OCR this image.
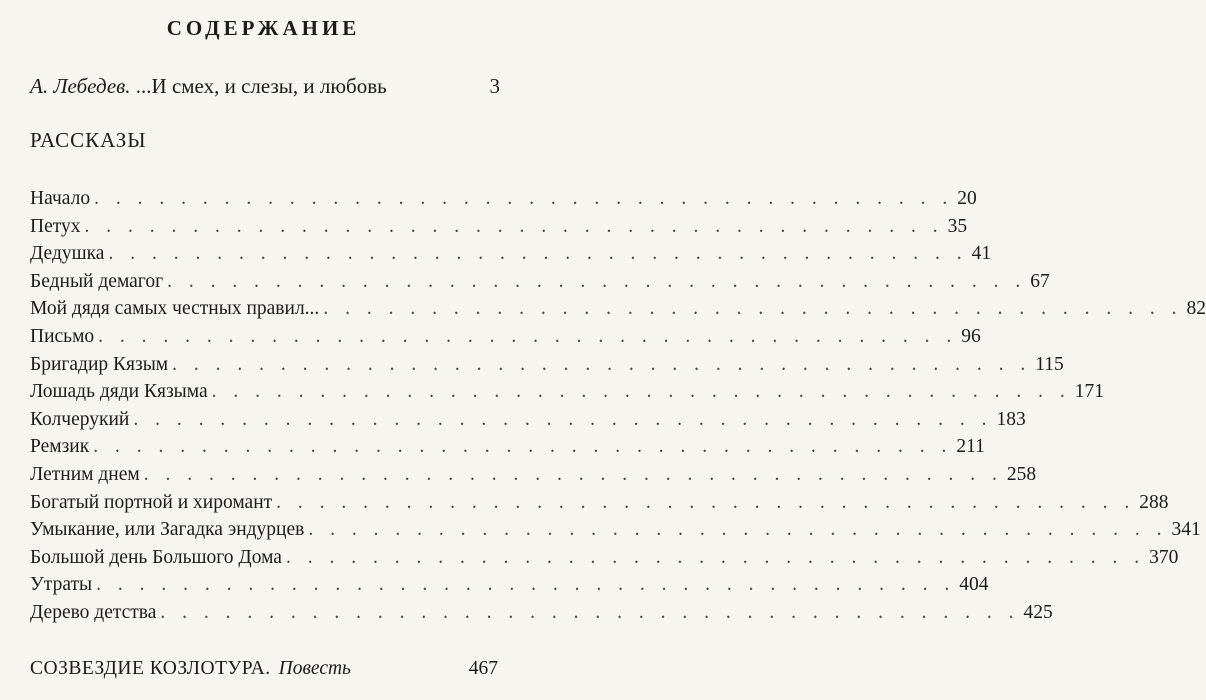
СОДЕРЖАНИЕ
А. Лебедев. ...И смех, и слезы, и любовь	3
РАССКАЗЫ
Начало . . . . . . . . . . . . . . . . . . . . . . . . . . . . . . . . . . . . . . . . 20
Петух . . . . . . . . . . . . . . . . . . . . . . . . . . . . . . . . . . . . . . . . 35
Дедушка . . . . . . . . . . . . . . . . . . . . . . . . . . . . . . . . . . . . . . . . 41
Бедный демагог . . . . . . . . . . . . . . . . . . . . . . . . . . . . . . . . . . . . . . . . 67
Мой дядя самых честных правил... . . . . . . . . . . . . . . . . . . . . . . . . . . . . . . . . . . . . . . . . 82
Письмо . . . . . . . . . . . . . . . . . . . . . . . . . . . . . . . . . . . . . . . . 96
Бригадир Кязым . . . . . . . . . . . . . . . . . . . . . . . . . . . . . . . . . . . . . . . . 115
Лошадь дяди Кязыма . . . . . . . . . . . . . . . . . . . . . . . . . . . . . . . . . . . . . . . . 171
Колчерукий . . . . . . . . . . . . . . . . . . . . . . . . . . . . . . . . . . . . . . . . 183
Ремзик . . . . . . . . . . . . . . . . . . . . . . . . . . . . . . . . . . . . . . . . 211
Летним днем . . . . . . . . . . . . . . . . . . . . . . . . . . . . . . . . . . . . . . . . 258
Богатый портной и хиромант . . . . . . . . . . . . . . . . . . . . . . . . . . . . . . . . . . . . . . . . 288
Умыкание, или Загадка эндурцев . . . . . . . . . . . . . . . . . . . . . . . . . . . . . . . . . . . . . . . . 341
Большой день Большого Дома . . . . . . . . . . . . . . . . . . . . . . . . . . . . . . . . . . . . . . . . 370
Утраты . . . . . . . . . . . . . . . . . . . . . . . . . . . . . . . . . . . . . . . . 404
Дерево детства . . . . . . . . . . . . . . . . . . . . . . . . . . . . . . . . . . . . . . . . 425
СОЗВЕЗДИЕ КОЗЛОТУРА. Повесть	467
